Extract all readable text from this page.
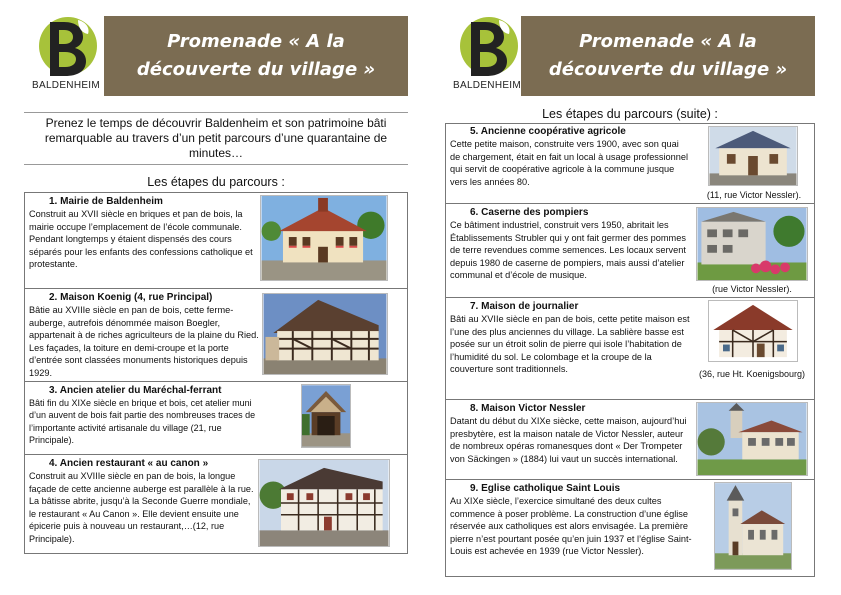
BALDENHEIM
Promenade « A la
découverte du village »
Prenez le temps de découvrir Baldenheim et son patrimoine bâti remarquable au travers d’un petit parcours d’une quarantaine de minutes…
Les étapes du parcours :
1. Mairie de Baldenheim
Construit au XVII siècle en briques et pan de bois, la mairie occupe l’emplacement de l’école communale. Pendant longtemps y étaient dispensés des cours séparés pour les enfants des confessions catholique et protestante.
2. Maison Koenig (4, rue Principal)
Bâtie au XVIIIe siècle en pan de bois, cette ferme-auberge, autrefois dénommée maison Boegler, appartenait à de riches agriculteurs de la plaine du Ried. Les façades, la toiture en demi-croupe et la porte d’entrée sont classées monuments historiques depuis 1929.
3. Ancien atelier du Maréchal-ferrant
Bâti fin du XIXe siècle en brique et bois, cet atelier muni d’un auvent de bois fait partie des nombreuses traces de l’importante activité artisanale du village (21, rue Principale).
4. Ancien restaurant « au canon »
Construit au XVIIIe siècle en pan de bois, la longue façade de cette ancienne auberge est parallèle à la rue. La bâtisse abrite, jusqu’à la Seconde Guerre mondiale, le restaurant « Au Canon ». Elle devient ensuite une épicerie puis à nouveau un restaurant,…(12, rue Principale).
BALDENHEIM
Promenade « A la
découverte du village »
Les étapes du parcours (suite) :
5. Ancienne coopérative agricole
Cette petite maison, construite vers 1900, avec son quai de chargement, était en fait un local à usage professionnel qui servit de coopérative agricole à la commune jusque vers les années 80.
(11, rue Victor Nessler).
6. Caserne des pompiers
Ce bâtiment industriel, construit vers 1950, abritait les Établissements Strubler qui y ont fait germer des pommes de terre revendues comme semences. Les locaux servent depuis 1980 de caserne de pompiers, mais aussi d’atelier communal et d’école de musique.
(rue Victor Nessler).
7. Maison de journalier
Bâti au XVIIe siècle en pan de bois, cette petite maison est l’une des plus anciennes du village. La sablière basse est posée sur un étroit solin de pierre qui isole l’habitation de l’humidité du sol. Le colombage et la croupe de la couverture sont traditionnels.	(36, rue Ht. Koenigsbourg)
8. Maison Victor Nessler
Datant du début du XIXe siècke, cette maison, aujourd’hui presbytère, est la maison natale de Victor Nessler, auteur de nombreux opéras romanesques dont « Der Trompeter von Säckingen » (1884) lui vaut un succès international.
9. Eglise catholique Saint Louis
Au XIXe siècle, l’exercice simultané des deux cultes commence à poser problème. La construction d’une église réservée aux catholiques est alors envisagée. La première pierre n’est pourtant posée qu’en juin 1937 et l’église Saint-Louis est achevée en 1939 (rue Victor Nessler).
